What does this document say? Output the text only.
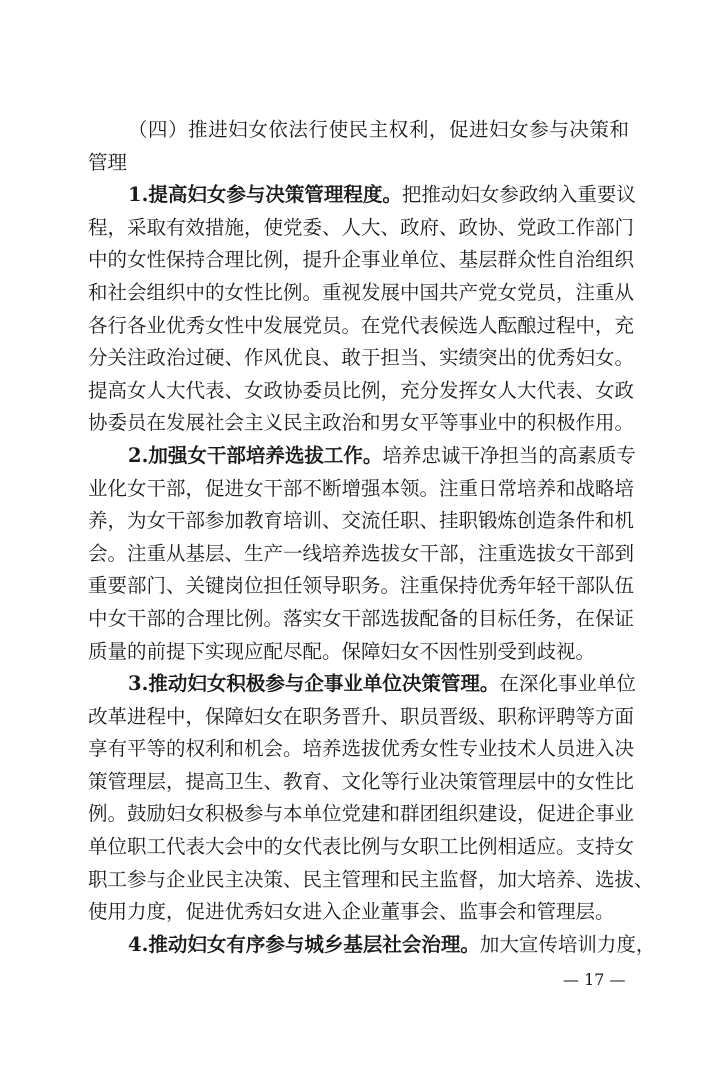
（四）推进妇女依法行使民主权利，促进妇女参与决策和
管理
1.提高妇女参与决策管理程度。把推动妇女参政纳入重要议
程，采取有效措施，使党委、人大、政府、政协、党政工作部门
中的女性保持合理比例，提升企事业单位、基层群众性自治组织
和社会组织中的女性比例。重视发展中国共产党女党员，注重从
各行各业优秀女性中发展党员。在党代表候选人酝酿过程中，充
分关注政治过硬、作风优良、敢于担当、实绩突出的优秀妇女。
提高女人大代表、女政协委员比例，充分发挥女人大代表、女政
协委员在发展社会主义民主政治和男女平等事业中的积极作用。
2.加强女干部培养选拔工作。培养忠诚干净担当的高素质专
业化女干部，促进女干部不断增强本领。注重日常培养和战略培
养，为女干部参加教育培训、交流任职、挂职锻炼创造条件和机
会。注重从基层、生产一线培养选拔女干部，注重选拔女干部到
重要部门、关键岗位担任领导职务。注重保持优秀年轻干部队伍
中女干部的合理比例。落实女干部选拔配备的目标任务，在保证
质量的前提下实现应配尽配。保障妇女不因性别受到歧视。
3.推动妇女积极参与企事业单位决策管理。在深化事业单位
改革进程中，保障妇女在职务晋升、职员晋级、职称评聘等方面
享有平等的权利和机会。培养选拔优秀女性专业技术人员进入决
策管理层，提高卫生、教育、文化等行业决策管理层中的女性比
例。鼓励妇女积极参与本单位党建和群团组织建设，促进企事业
单位职工代表大会中的女代表比例与女职工比例相适应。支持女
职工参与企业民主决策、民主管理和民主监督，加大培养、选拔、
使用力度，促进优秀妇女进入企业董事会、监事会和管理层。
4.推动妇女有序参与城乡基层社会治理。加大宣传培训力度，
— 17 —
